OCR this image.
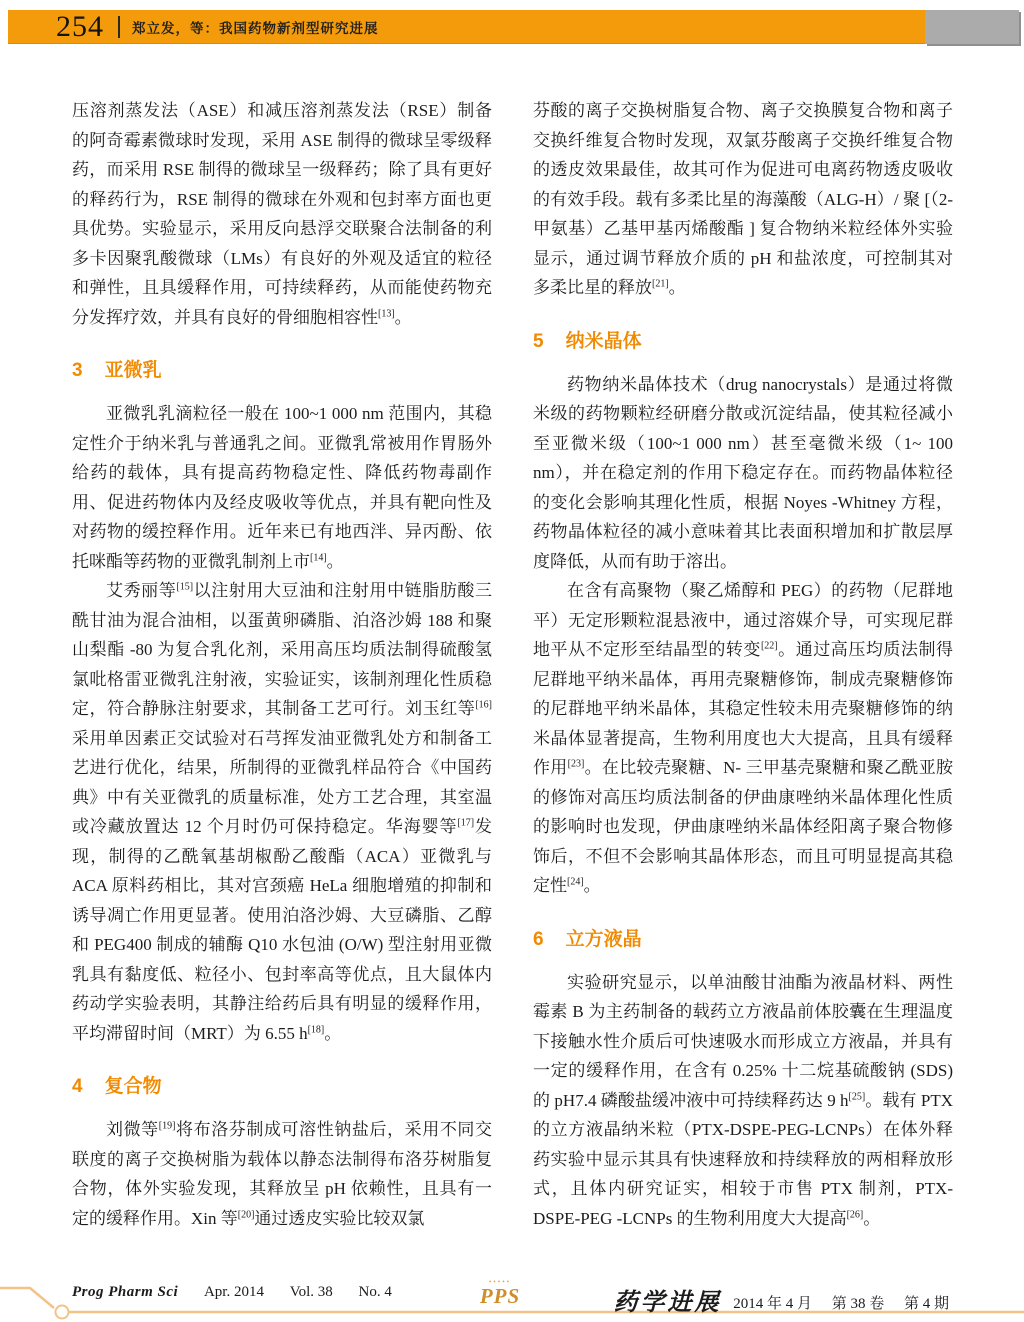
254 郑立发，等：我国药物新剂型研究进展

压溶剂蒸发法（ASE）和减压溶剂蒸发法（RSE）制备的阿奇霉素微球时发现，采用 ASE 制得的微球呈零级释药，而采用 RSE 制得的微球呈一级释药；除了具有更好的释药行为，RSE 制得的微球在外观和包封率方面也更具优势。实验显示，采用反向悬浮交联聚合法制备的利多卡因聚乳酸微球（LMs）有良好的外观及适宜的粒径和弹性，且具缓释作用，可持续释药，从而能使药物充分发挥疗效，并具有良好的骨细胞相容性[13]。

3 亚微乳

亚微乳乳滴粒径一般在 100~1 000 nm 范围内，其稳定性介于纳米乳与普通乳之间。亚微乳常被用作胃肠外给药的载体，具有提高药物稳定性、降低药物毒副作用、促进药物体内及经皮吸收等优点，并具有靶向性及对药物的缓控释作用。近年来已有地西泮、异丙酚、依托咪酯等药物的亚微乳制剂上市[14]。

艾秀丽等[15]以注射用大豆油和注射用中链脂肪酸三酰甘油为混合油相，以蛋黄卵磷脂、泊洛沙姆 188 和聚山梨酯 -80 为复合乳化剂，采用高压均质法制得硫酸氢氯吡格雷亚微乳注射液，实验证实，该制剂理化性质稳定，符合静脉注射要求，其制备工艺可行。刘玉红等[16]采用单因素正交试验对石芎挥发油亚微乳处方和制备工艺进行优化，结果，所制得的亚微乳样品符合《中国药典》中有关亚微乳的质量标准，处方工艺合理，其室温或冷藏放置达 12 个月时仍可保持稳定。华海婴等[17]发现，制得的乙酰氧基胡椒酚乙酸酯（ACA）亚微乳与 ACA 原料药相比，其对宫颈癌 HeLa 细胞增殖的抑制和诱导凋亡作用更显著。使用泊洛沙姆、大豆磷脂、乙醇和 PEG400 制成的辅酶 Q10 水包油 (O/W) 型注射用亚微乳具有黏度低、粒径小、包封率高等优点，且大鼠体内药动学实验表明，其静注给药后具有明显的缓释作用，平均滞留时间（MRT）为 6.55 h[18]。

4 复合物

刘微等[19]将布洛芬制成可溶性钠盐后，采用不同交联度的离子交换树脂为载体以静态法制得布洛芬树脂复合物，体外实验发现，其释放呈 pH 依赖性，且具有一定的缓释作用。Xin 等[20]通过透皮实验比较双氯

芬酸的离子交换树脂复合物、离子交换膜复合物和离子交换纤维复合物时发现，双氯芬酸离子交换纤维复合物的透皮效果最佳，故其可作为促进可电离药物透皮吸收的有效手段。载有多柔比星的海藻酸（ALG-H）/ 聚 [（2-甲氨基）乙基甲基丙烯酸酯 ] 复合物纳米粒经体外实验显示，通过调节释放介质的 pH 和盐浓度，可控制其对多柔比星的释放[21]。

5 纳米晶体

药物纳米晶体技术（drug nanocrystals）是通过将微米级的药物颗粒经研磨分散或沉淀结晶，使其粒径减小至亚微米级（100~1 000 nm）甚至毫微米级（1~ 100 nm），并在稳定剂的作用下稳定存在。而药物晶体粒径的变化会影响其理化性质，根据 Noyes -Whitney 方程，药物晶体粒径的减小意味着其比表面积增加和扩散层厚度降低，从而有助于溶出。

在含有高聚物（聚乙烯醇和 PEG）的药物（尼群地平）无定形颗粒混悬液中，通过溶媒介导，可实现尼群地平从不定形至结晶型的转变[22]。通过高压均质法制得尼群地平纳米晶体，再用壳聚糖修饰，制成壳聚糖修饰的尼群地平纳米晶体，其稳定性较未用壳聚糖修饰的纳米晶体显著提高，生物利用度也大大提高，且具有缓释作用[23]。在比较壳聚糖、N- 三甲基壳聚糖和聚乙酰亚胺的修饰对高压均质法制备的伊曲康唑纳米晶体理化性质的影响时也发现，伊曲康唑纳米晶体经阳离子聚合物修饰后，不但不会影响其晶体形态，而且可明显提高其稳定性[24]。

6 立方液晶

实验研究显示，以单油酸甘油酯为液晶材料、两性霉素 B 为主药制备的载药立方液晶前体胶囊在生理温度下接触水性介质后可快速吸水而形成立方液晶，并具有一定的缓释作用，在含有 0.25% 十二烷基硫酸钠 (SDS) 的 pH7.4 磷酸盐缓冲液中可持续释药达 9 h[25]。载有 PTX 的立方液晶纳米粒（PTX-DSPE-PEG-LCNPs）在体外释药实验中显示其具有快速释放和持续释放的两相释放形式，且体内研究证实，相较于市售 PTX 制剂，PTX-DSPE-PEG -LCNPs 的生物利用度大大提高[26]。

Prog Pharm Sci Apr. 2014 Vol. 38 No. 4
•••••
PPS	药学进展 2014 年 4 月 第 38 卷 第 4 期
